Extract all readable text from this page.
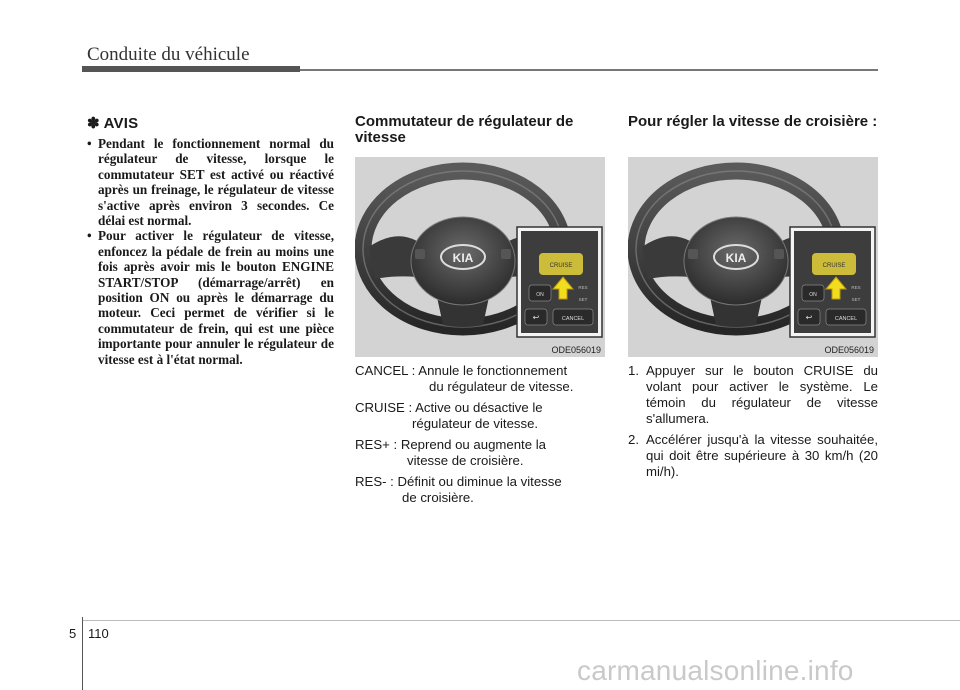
Conduite du véhicule
✽ AVIS
• Pendant le fonctionnement normal du régulateur de vitesse, lorsque le commutateur SET est activé ou réactivé après un freinage, le régulateur de vitesse s'active après environ 3 secondes. Ce délai est normal.
• Pour activer le régulateur de vitesse, enfoncez la pédale de frein au moins une fois après avoir mis le bouton ENGINE START/STOP (démarrage/arrêt) en position ON ou après le démarrage du moteur. Ceci permet de vérifier si le commutateur de frein, qui est une pièce importante pour annuler le régulateur de vitesse est à l'état normal.
Commutateur de régulateur de vitesse
KIA
CRUISE
ON
RES
SET
↩	CANCEL
ODE056019
CANCEL : Annule le fonctionnement
du régulateur de vitesse.
CRUISE : Active ou désactive le
régulateur de vitesse.
RES+ : Reprend ou augmente la
vitesse de croisière.
RES- : Définit ou diminue la vitesse
de croisière.
Pour régler la vitesse de croisière :
KIA
CRUISE
ON
RES
SET
↩	CANCEL
ODE056019
1. Appuyer sur le bouton CRUISE du volant pour activer le système. Le témoin du régulateur de vitesse s'allumera.
2. Accélérer jusqu'à la vitesse souhaitée, qui doit être supérieure à 30 km/h (20 mi/h).
5 110
carmanualsonline.info
